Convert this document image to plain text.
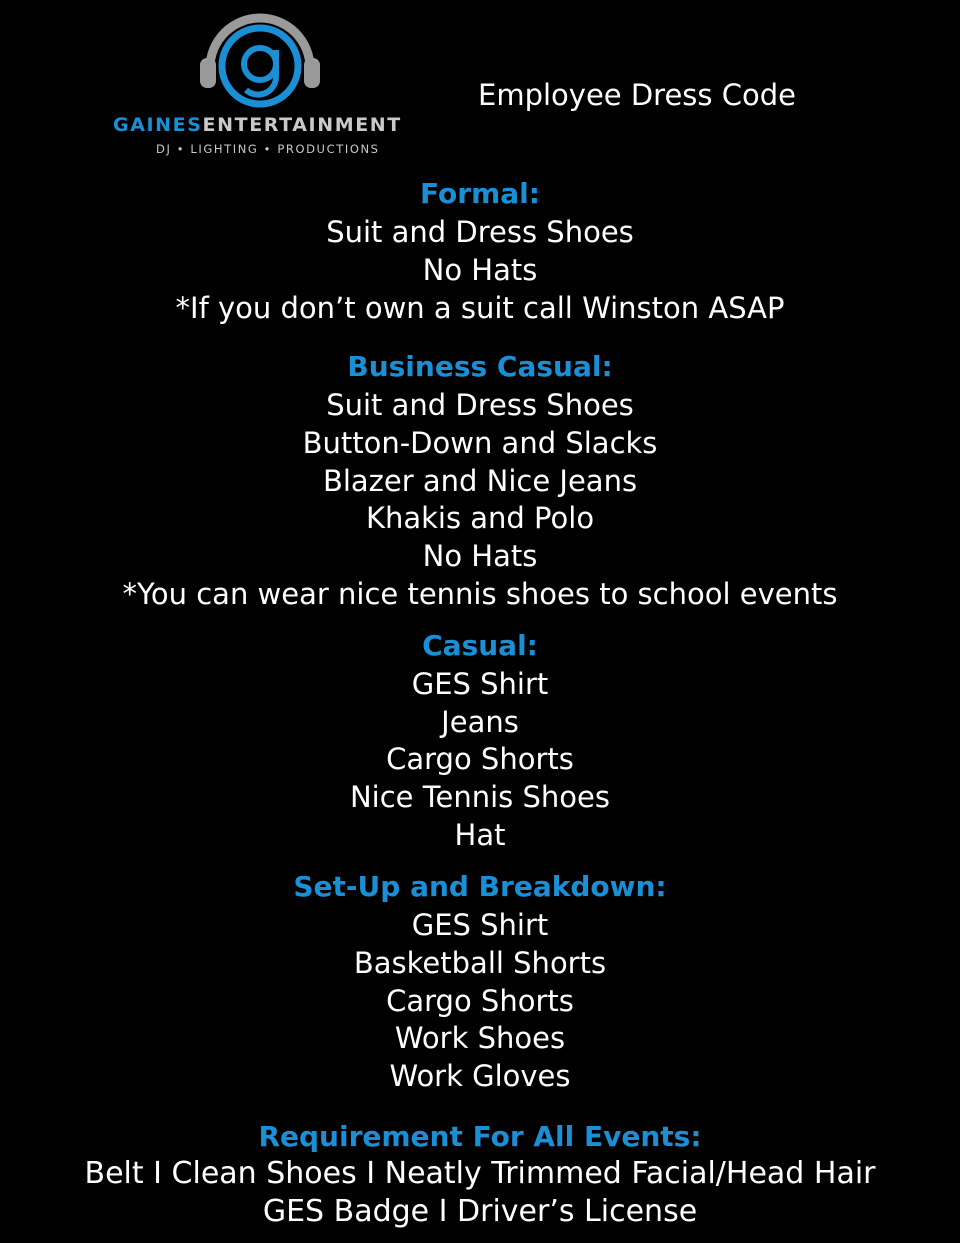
GAINESENTERTAINMENT
DJ • LIGHTING • PRODUCTIONS
Employee Dress Code
Formal:
Suit and Dress Shoes
No Hats
*If you don’t own a suit call Winston ASAP
Business Casual:
Suit and Dress Shoes
Button-Down and Slacks
Blazer and Nice Jeans
Khakis and Polo
No Hats
*You can wear nice tennis shoes to school events
Casual:
GES Shirt
Jeans
Cargo Shorts
Nice Tennis Shoes
Hat
Set-Up and Breakdown:
GES Shirt
Basketball Shorts
Cargo Shorts
Work Shoes
Work Gloves
Requirement For All Events:
Belt I Clean Shoes I Neatly Trimmed Facial/Head Hair
GES Badge I Driver’s License
